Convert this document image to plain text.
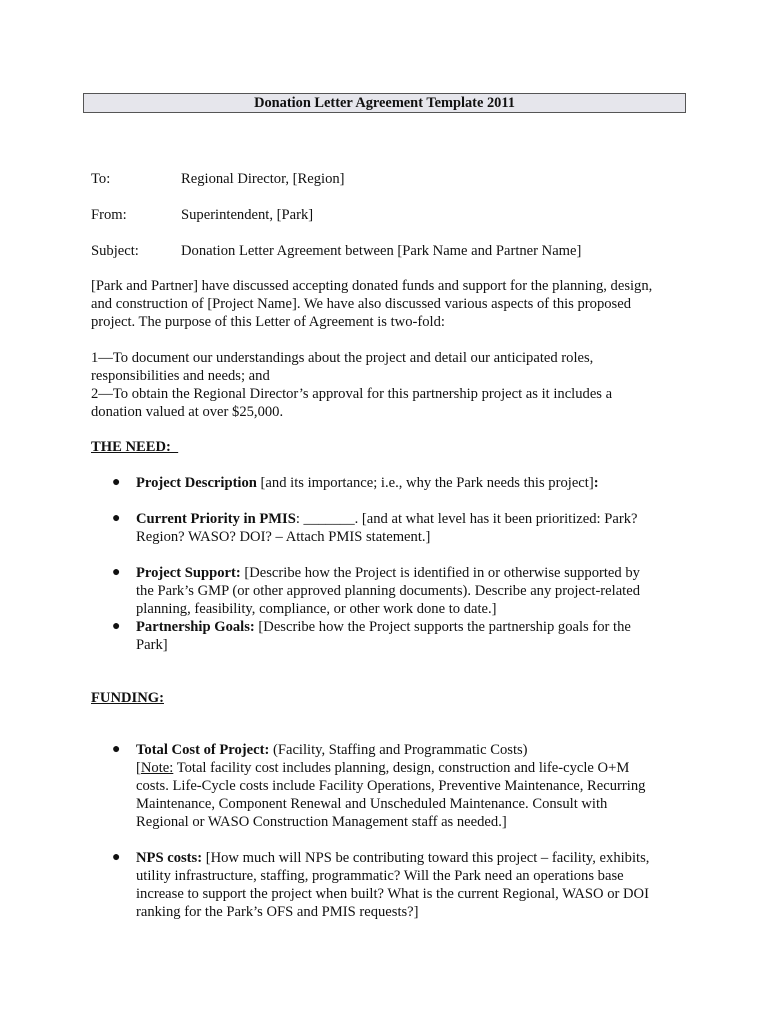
Donation Letter Agreement Template 2011
To:	Regional Director, [Region]
From:	Superintendent, [Park]
Subject:	Donation Letter Agreement between [Park Name and Partner Name]

[Park and Partner] have discussed accepting donated funds and support for the planning, design,

and construction of [Project Name]. We have also discussed various aspects of this proposed

project. The purpose of this Letter of Agreement is two-fold:

1—To document our understandings about the project and detail our anticipated roles,

responsibilities and needs; and

2—To obtain the Regional Director’s approval for this partnership project as it includes a

donation valued at over $25,000.

THE NEED:
● Project Description [and its importance; i.e., why the Park needs this project]:
● Current Priority in PMIS: _______. [and at what level has it been prioritized: Park?
Region? WASO? DOI? – Attach PMIS statement.]
● Project Support: [Describe how the Project is identified in or otherwise supported by
the Park’s GMP (or other approved planning documents). Describe any project-related
planning, feasibility, compliance, or other work done to date.]
● Partnership Goals: [Describe how the Project supports the partnership goals for the
Park]
FUNDING:
● Total Cost of Project: (Facility, Staffing and Programmatic Costs)
[Note: Total facility cost includes planning, design, construction and life-cycle O+M
costs. Life-Cycle costs include Facility Operations, Preventive Maintenance, Recurring
Maintenance, Component Renewal and Unscheduled Maintenance. Consult with
Regional or WASO Construction Management staff as needed.]
● NPS costs: [How much will NPS be contributing toward this project – facility, exhibits,
utility infrastructure, staffing, programmatic? Will the Park need an operations base
increase to support the project when built? What is the current Regional, WASO or DOI
ranking for the Park’s OFS and PMIS requests?]
